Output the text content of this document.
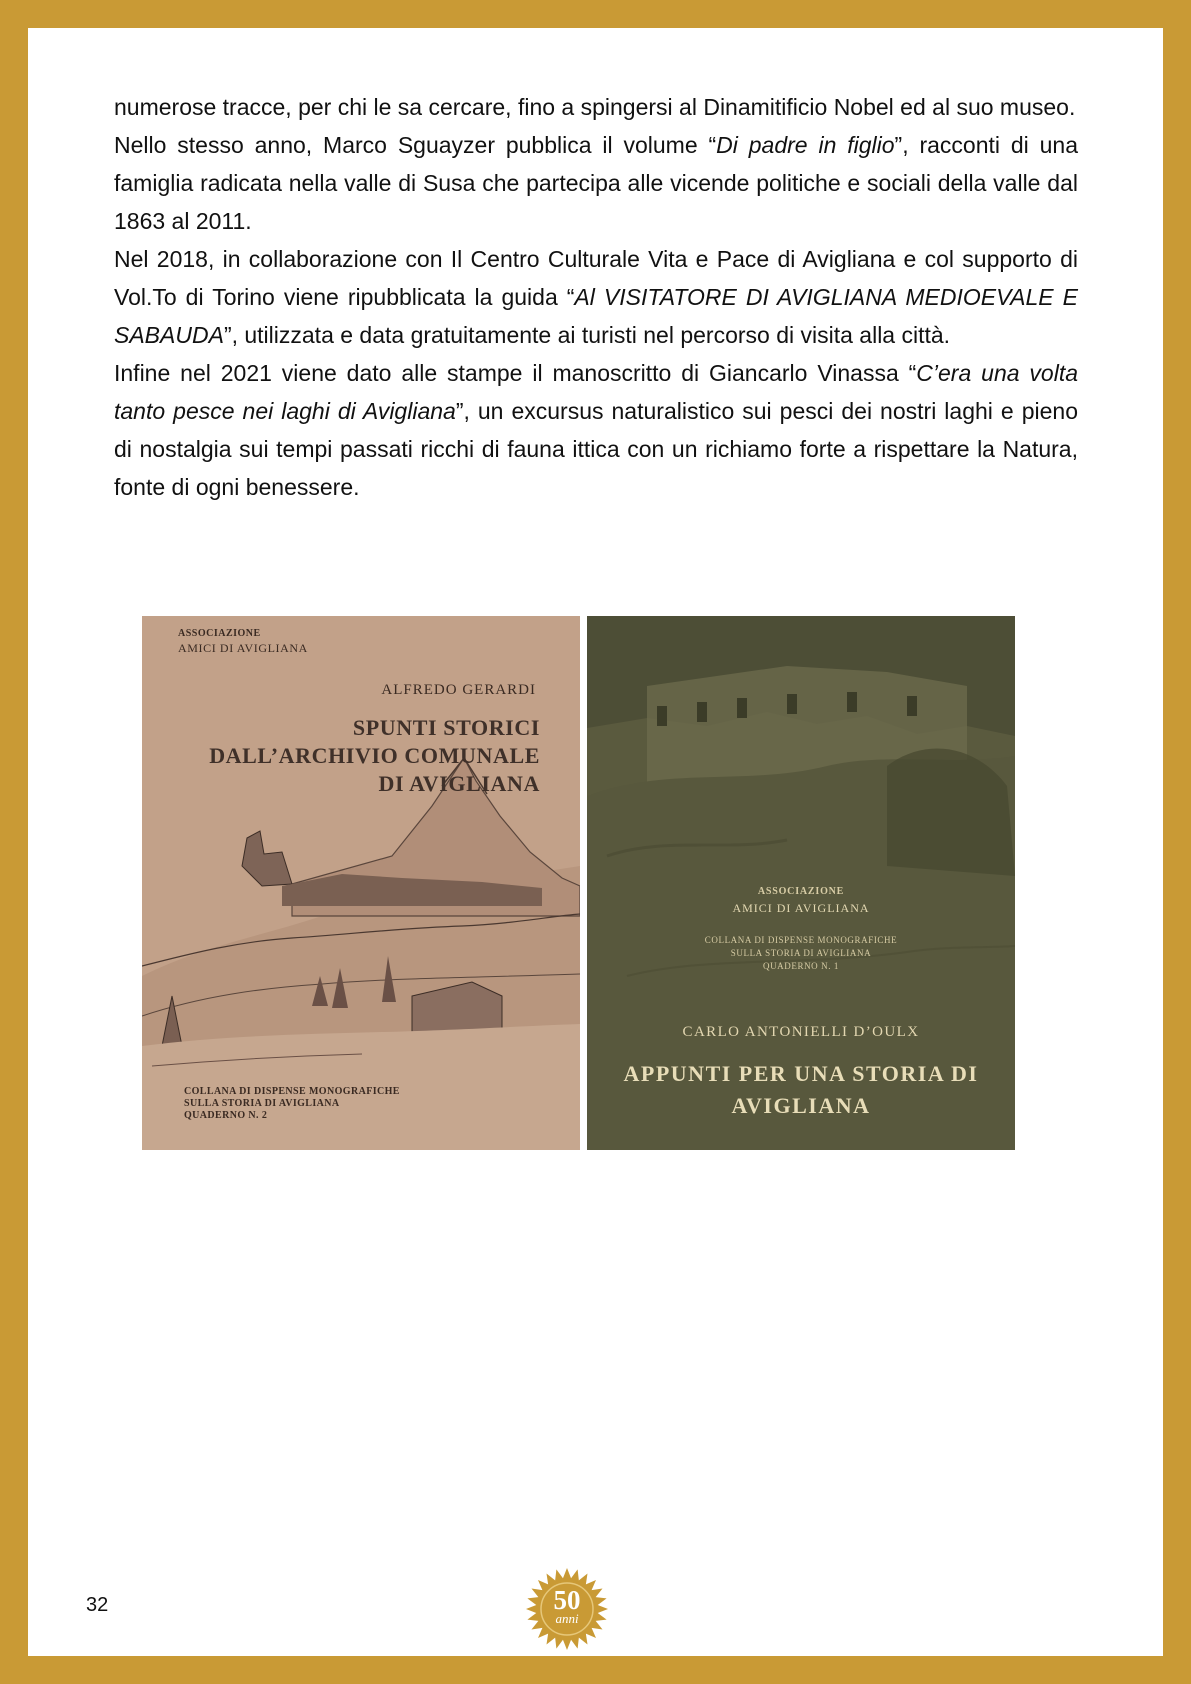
numerose tracce, per chi le sa cercare, fino a spingersi al Dinamitificio Nobel ed al suo museo.

Nello stesso anno, Marco Sguayzer pubblica il volume “Di padre in figlio”, racconti di una famiglia radicata nella valle di Susa che partecipa alle vicende politiche e sociali della valle dal 1863 al 2011.

Nel 2018, in collaborazione con Il Centro Culturale Vita e Pace di Avigliana e col supporto di Vol.To di Torino viene ripubblicata la guida “Al VISITATORE DI AVIGLIANA MEDIOEVALE E SABAUDA”, utilizzata e data gratuitamente ai turisti nel percorso di visita alla città.

Infine nel 2021 viene dato alle stampe il manoscritto di Giancarlo Vinassa “C’era una volta tanto pesce nei laghi di Avigliana”, un excursus naturalistico sui pesci dei nostri laghi e pieno di nostalgia sui tempi passati ricchi di fauna ittica con un richiamo forte a rispettare la Natura, fonte di ogni benessere.

ASSOCIAZIONE
AMICI DI AVIGLIANA
ALFREDO GERARDI
SPUNTI STORICI
DALL’ARCHIVIO COMUNALE
DI AVIGLIANA
COLLANA DI DISPENSE MONOGRAFICHE
SULLA STORIA DI AVIGLIANA
QUADERNO N. 2
ASSOCIAZIONE
AMICI DI AVIGLIANA
COLLANA DI DISPENSE MONOGRAFICHE
SULLA STORIA DI AVIGLIANA
QUADERNO N. 1
CARLO ANTONIELLI D’OULX
APPUNTI PER UNA STORIA DI
AVIGLIANA
32	50
anni
